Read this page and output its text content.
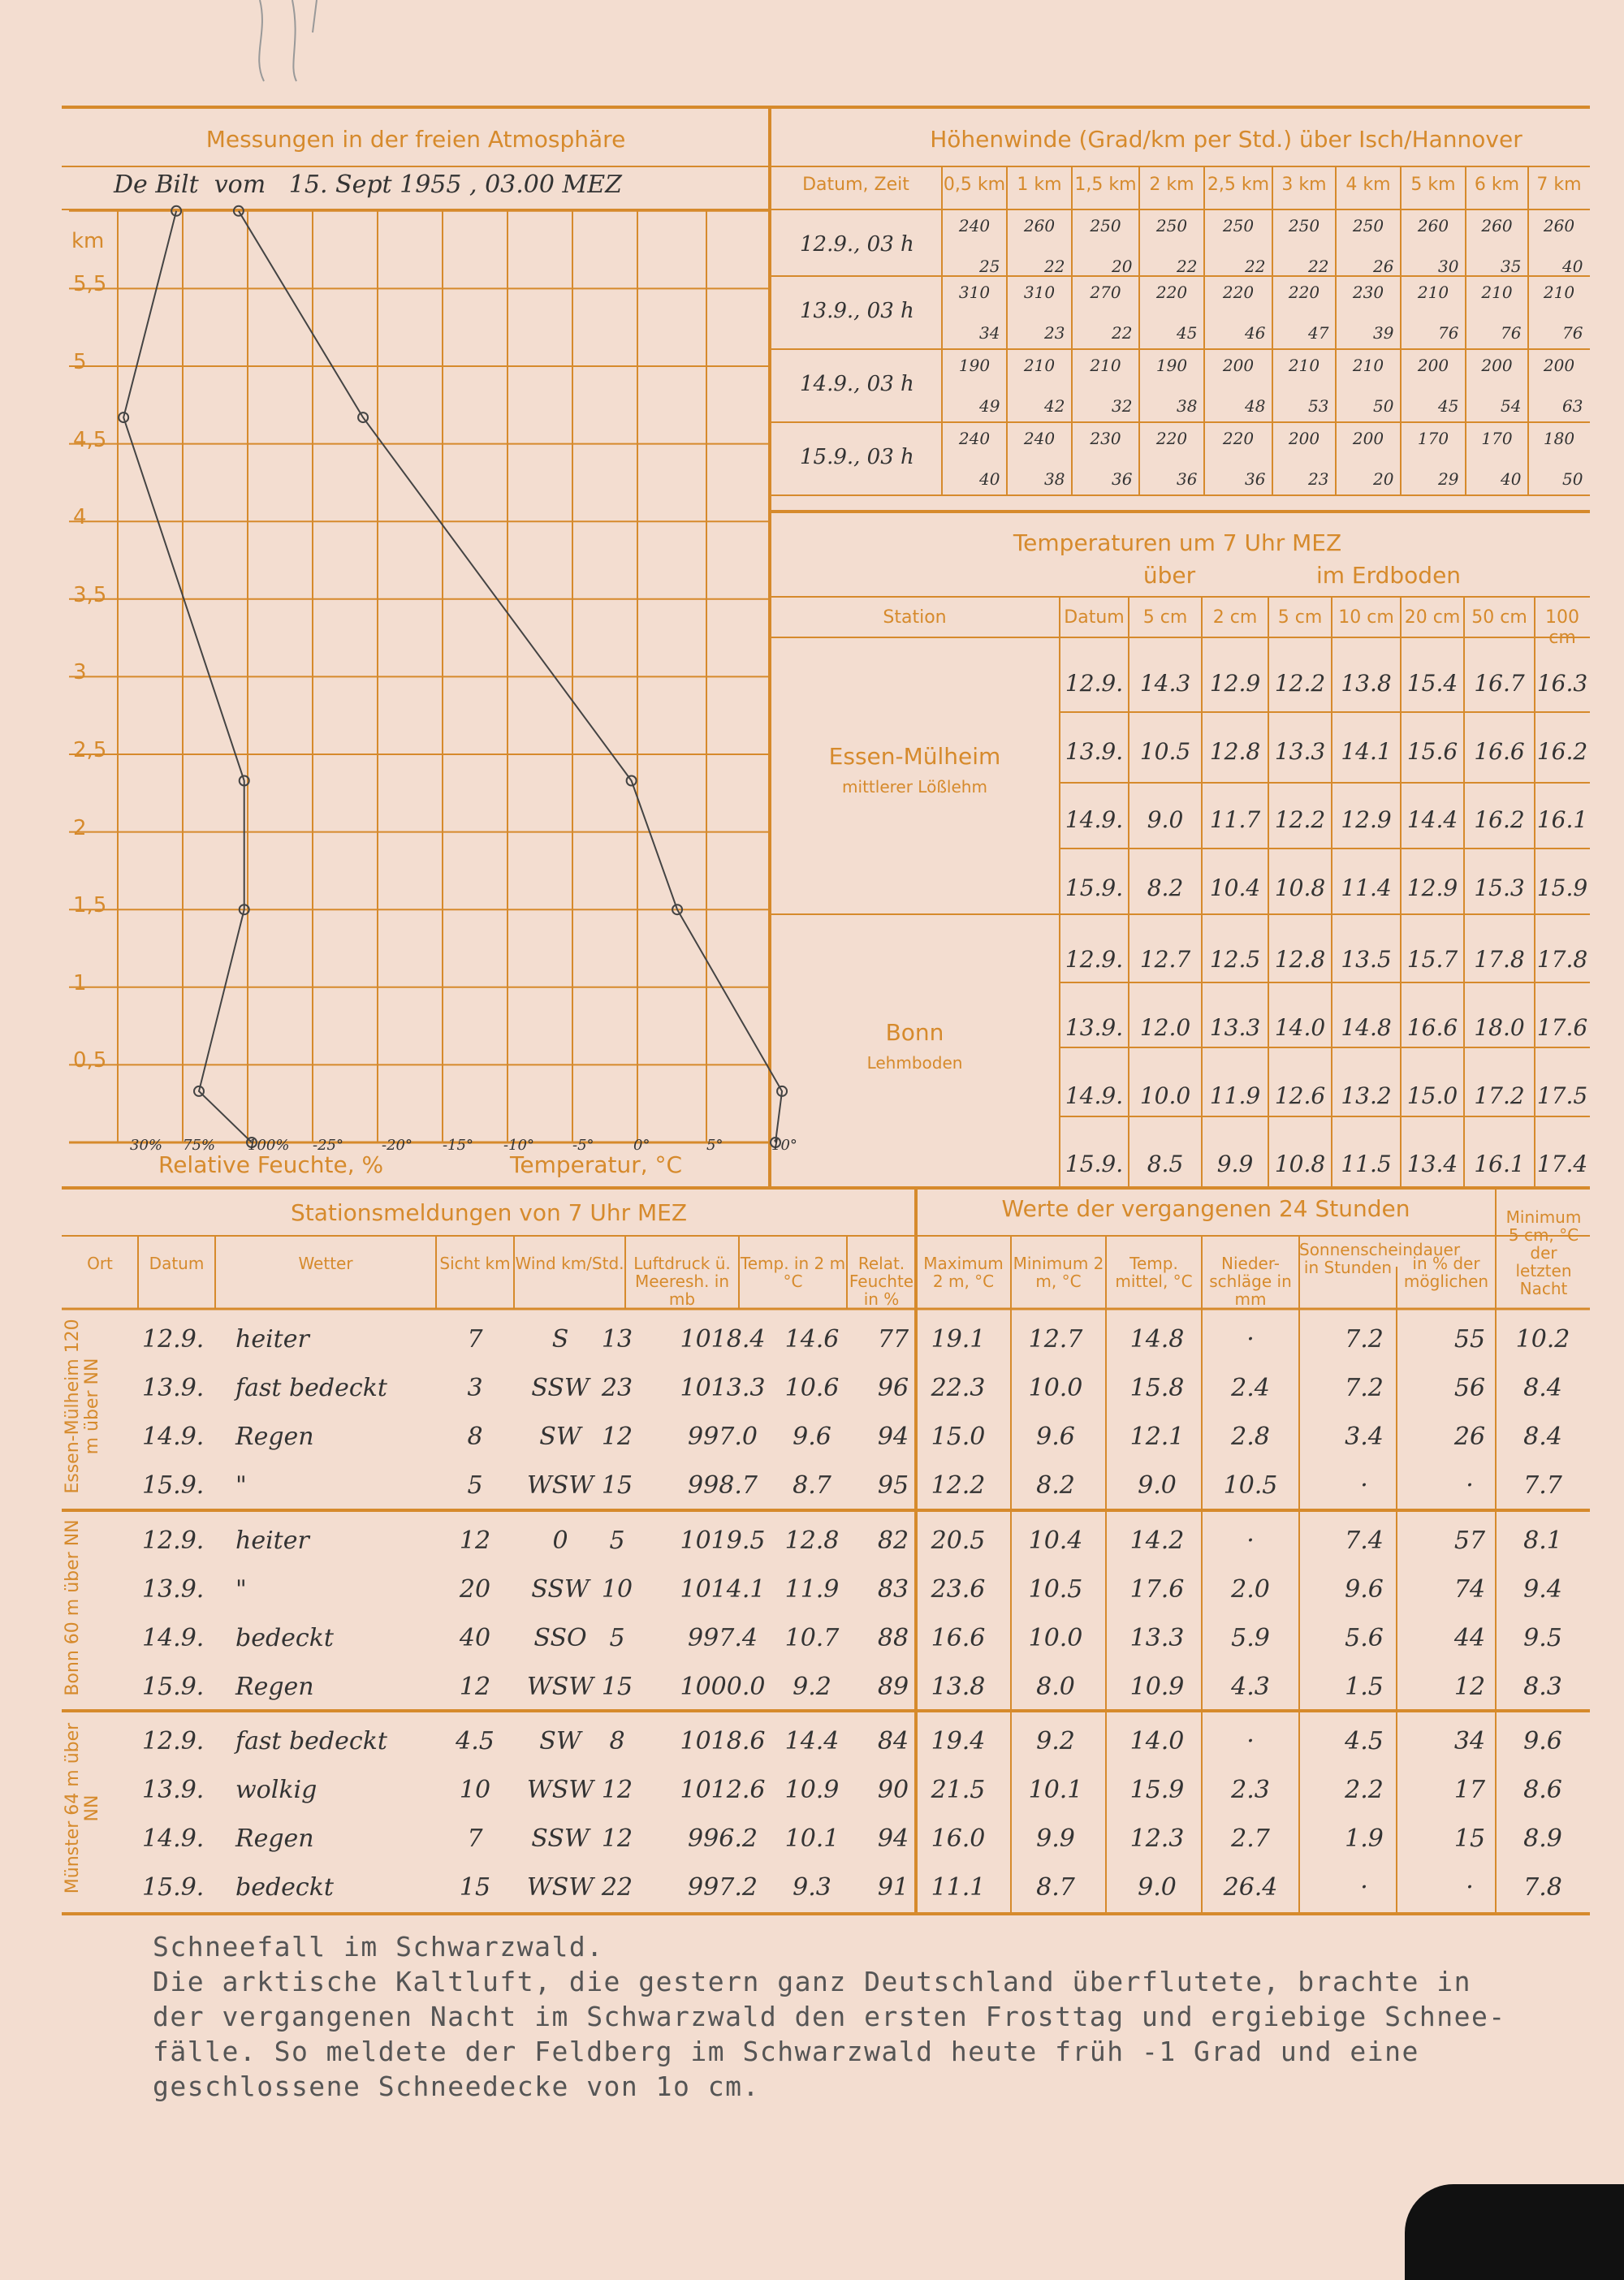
Messungen in der freien Atmosphäre
De Bilt  vom   15. Sept 1955 , 03.00 MEZ
km
5,5
5
4,5
4
3,5
3
2,5
2
1,5
1
0,5
30% 75% 100% -25°	-20° -15° -10°	-5°	0°	5°	10°
Relative Feuchte, %	Temperatur, °C
Höhenwinde (Grad/km per Std.) über Isch/Hannover
Datum, Zeit	0,5 km 1 km 1,5 km 2 km 2,5 km 3 km	4 km	5 km	6 km 7 km
12.9., 03 h
240	260	250	250	250	250	250	260	260	260
25	22	20	22	22	22	26	30	35	40
13.9., 03 h
310	310	270	220	220	220	230	210	210	210
34	23	22	45	46	47	39	76	76	76
14.9., 03 h
190	210	210	190	200	210	210	200	200	200
49	42	32	38	48	53	50	45	54	63
15.9., 03 h
240	240	230	220	220	200	200	170	170	180
40	38	36	36	36	23	20	29	40	50
Temperaturen um 7 Uhr MEZ
über	im Erdboden
Station	Datum	5 cm	2 cm	5 cm 10 cm 20 cm 50 cm	100 cm
Essen-Mülheim
mittlerer Lößlehm
12.9. 14.3 12.9 12.2 13.8 15.4 16.7 16.3
13.9. 10.5 12.8 13.3 14.1 15.6 16.6 16.2
14.9.	9.0	11.7 12.2 12.9 14.4 16.2 16.1
15.9.	8.2	10.4 10.8 11.4 12.9 15.3 15.9
Bonn
Lehmboden
12.9. 12.7 12.5 12.8 13.5 15.7 17.8 17.8
13.9. 12.0 13.3 14.0 14.8 16.6 18.0 17.6
14.9. 10.0 11.9 12.6 13.2 15.0 17.2 17.5
15.9.	8.5	9.9 10.8 11.5 13.4 16.1 17.4
Stationsmeldungen von 7 Uhr MEZ	Werte der vergangenen 24 Stunden	Minimum 5 cm, °C der letzten Nacht
Ort	Datum	Wetter	Sicht km Wind km/Std. Luftdruck ü. Meeresh. in mb
Temp. in 2 m °C
Relat. Feuchte in %
Maximum 2 m, °C
Minimum 2 m, °C
Temp. mittel, °C
Nieder-schläge in mm
Sonnenscheindauer in Stunden	in % der möglichen
Essen-Mülheim 120 m über NN
12.9. heiter	7	S 13 1018.4 14.6 77 19.1 12.7 14.8	·	7.2	55 10.2
13.9. fast bedeckt	3 SSW 23 1013.3 10.6 96 22.3 10.0 15.8 2.4	7.2	56 8.4
14.9. Regen	8 SW 12 997.0 9.6 94 15.0 9.6 12.1 2.8	3.4	26 8.4
15.9. "	5 WSW 15 998.7 8.7 95 12.2 8.2	9.0 10.5	·	· 7.7
Bonn 60 m über NN 12.9. heiter	12	0 5 1019.5 12.8 82 20.5 10.4 14.2	·	7.4	57 8.1
13.9. "	20 SSW 10 1014.1 11.9 83 23.6 10.5 17.6 2.0	9.6	74 9.4
14.9. bedeckt	40 SSO 5	997.4 10.7 88 16.6 10.0 13.3 5.9	5.6	44 9.5
15.9. Regen	12 WSW 15 1000.0 9.2 89 13.8 8.0 10.9 4.3	1.5	12 8.3
Münster 64 m über NN
12.9. fast bedeckt	4.5 SW 8 1018.6 14.4 84 19.4 9.2 14.0	·	4.5	34 9.6
13.9. wolkig	10 WSW 12 1012.6 10.9 90 21.5 10.1 15.9 2.3	2.2	17 8.6
14.9. Regen	7 SSW 12 996.2 10.1 94 16.0 9.9 12.3 2.7	1.9	15 8.9
15.9. bedeckt	15 WSW 22 997.2 9.3 91 11.1 8.7	9.0 26.4	·	· 7.8
Schneefall im Schwarzwald.
Die arktische Kaltluft, die gestern ganz Deutschland überflutete, brachte in
der vergangenen Nacht im Schwarzwald den ersten Frosttag und ergiebige Schnee-
fälle. So meldete der Feldberg im Schwarzwald heute früh -1 Grad und eine
geschlossene Schneedecke von 1o cm.
